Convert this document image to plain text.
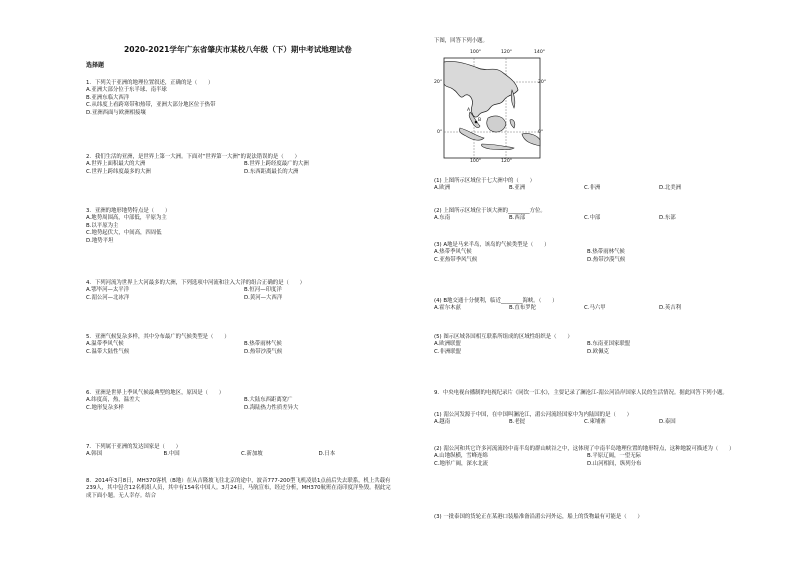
2020-2021学年广东省肇庆市某校八年级（下）期中考试地理试卷
选择题
1．下列关于亚洲的地理位置叙述，正确的是（　　）
A.亚洲大部分位于东半球、南半球
B.亚洲东临大西洋
C.从纬度上看跨寒带和热带，亚洲大部分地区位于热带
D.亚洲西面与欧洲相接壤
2．我们生活的亚洲，是世界上第一大洲。下面对“世界第一大洲”的说法错误的是（　　）
A.世界上面积最大的大洲	B.世界上跨经度最广的大洲
C.世界上跨纬度最多的大洲	D.东西距离最长的大洲
3．亚洲的地形地势特点是（　　）
A.地势周围高，中部低，平原为主
B.以平原为主
C.地势起伏大，中间高，四周低
D.地势平坦
4．下列河流为世界上大河最多的大洲，下列选项中河流和注入大洋的组合正确的是（　　）
A.鄂毕河—太平洋	B.恒河—印度洋
C.湄公河—北冰洋	D.黄河—大西洋
5．亚洲气候复杂多样，其中分布最广的气候类型是（　　）
A.温带季风气候	B.热带雨林气候
C.温带大陆性气候	D.热带沙漠气候
6．亚洲是世界上季风气候最典型的地区，原因是（　　）
A.纬度高，热，温差大	B.大陆东西距离宽广
C.地形复杂多样	D.海陆热力性质差异大
7．下列属于亚洲的发达国家是（　　）
A.韩国	B.中国	C.新加坡	D.日本
8．2014年3月8日，MH370客机（B地）在从吉隆坡飞往北京的途中，波音777-200型飞机凌晨1点前后失去联系，机上共载有239人，其中包含12名机组人员，其中有154名中国人。3月24日，马航宣布，经过分析，MH370航班在南印度洋坠毁。据此完成下面小题。无人幸存。结合
下图，回答下列小题。
100°	120°	140°
20°	20°
0°	0°
100°	120°
B
A
(1) 上图所示区域位于七大洲中的（　　）
A.欧洲	B.亚洲	C.非洲	D.北美洲
(2) 上图所示区域位于该大洲的________方位。
A.东南	B.西部	C.中部	D.东部
(3) A地是马来半岛，该岛的气候类型是（　　）
A.热带季风气候	B.热带雨林气候
C.亚热带季风气候	D.热带沙漠气候
(4) B地交通十分便利，临近________海峡。（　　）
A.霍尔木兹	B.直布罗陀	C.马六甲	D.英吉利
(5) 图示区域各国相互联系所组成的区域性组织是（　　）
A.欧洲联盟	B.东南亚国家联盟
C.非洲联盟	D.欧佩克
9．中央电视台播制的电视纪录片《同饮一江水》，主要记录了澜沧江-湄公河沿岸国家人民的生活情况。据此回答下列小题。
(1) 湄公河发源于中国，在中国叫澜沧江，湄公河流经国家中为内陆国的是（　　）
A.越南	B.老挝	C.柬埔寨	D.泰国
(2) 湄公河和其它许多河流流经中南半岛的群山峡谷之中，这体现了中南半岛地理位置的地形特点，这种地貌可描述为（　　）
A.山地纵横，雪峰连绵	B.平原辽阔，一望无际
C.地形广阔，深水北流	D.山河相间，纵列分布
(3) 一批泰国的货轮正在某港口装船准备沿湄公河外运，船上的货物最有可能是（　　）
